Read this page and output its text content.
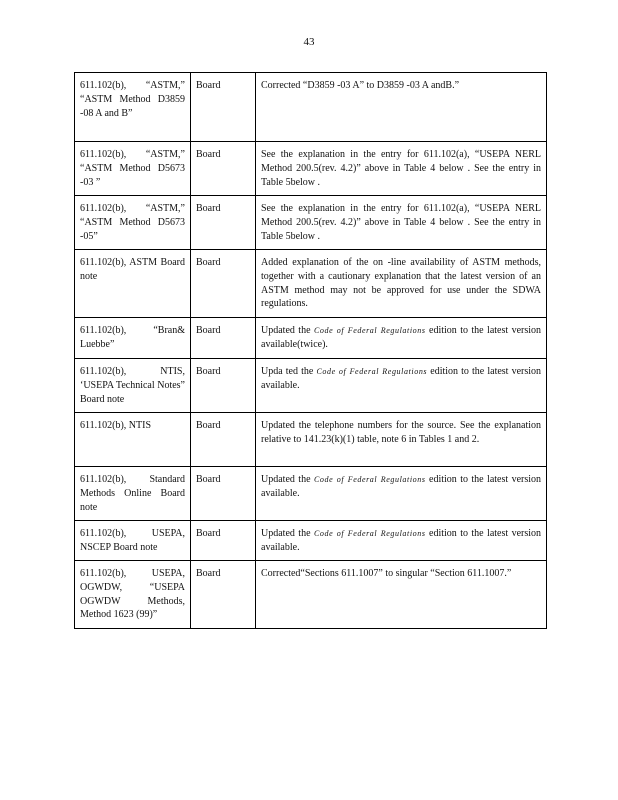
43
611.102(b), “ASTM,” “ASTM Method D3859 -08 A and B”	Board	Corrected “D3859 -03 A” to D3859 -03 A andB.”
611.102(b), “ASTM,” “ASTM Method D5673 -03 ”	Board	See the explanation in the entry for 611.102(a), “USEPA NERL Method 200.5(rev. 4.2)” above in Table 4 below . See the entry in Table 5below .
611.102(b), “ASTM,” “ASTM Method D5673 -05”	Board	See the explanation in the entry for 611.102(a), “USEPA NERL Method 200.5(rev. 4.2)” above in Table 4 below . See the entry in Table 5below .
611.102(b), ASTM Board note	Board	Added explanation of the on -line availability of ASTM methods, together with a cautionary explanation that the latest version of an ASTM method may not be approved for use under the SDWA regulations.
611.102(b), “Bran& Luebbe”	Board	Updated the Code of Federal Regulations edition to the latest version available(twice).
611.102(b), NTIS, ‘USEPA Technical Notes” Board note	Board	Upda ted the Code of Federal Regulations edition to the latest version available.
611.102(b), NTIS	Board	Updated the telephone numbers for the source. See the explanation relative to 141.23(k)(1) table, note 6 in Tables 1 and 2.
611.102(b), Standard Methods Online Board note	Board	Updated the Code of Federal Regulations edition to the latest version available.
611.102(b), USEPA, NSCEP Board note	Board	Updated the Code of Federal Regulations edition to the latest version available.
611.102(b), USEPA, OGWDW, “USEPA OGWDW Methods, Method 1623 (99)”	Board	Corrected“Sections 611.1007” to singular “Section 611.1007.”
